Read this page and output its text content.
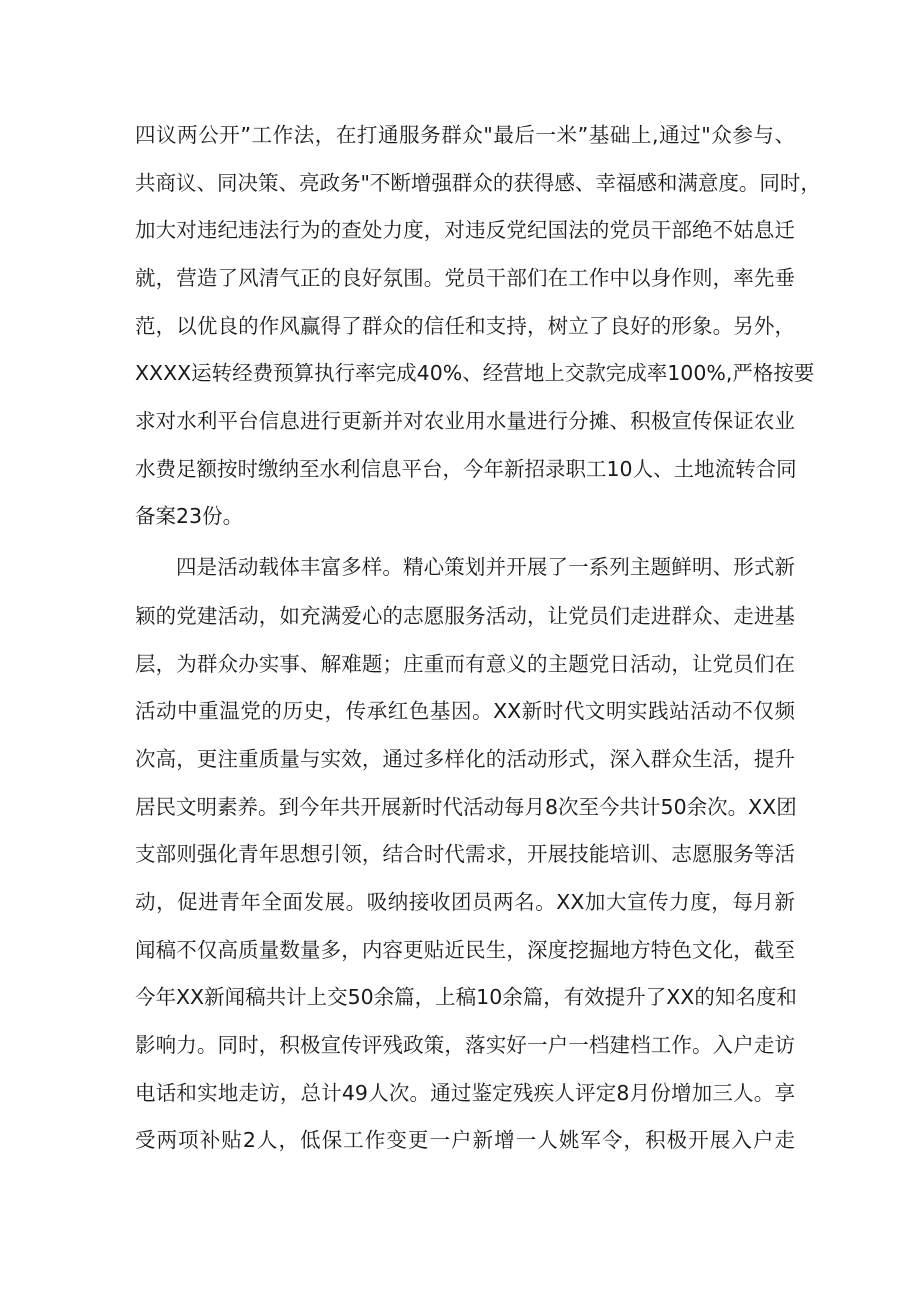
四议两公开”工作法，在打通服务群众"最后一米”基础上,通过"众参与、
共商议、同决策、亮政务"不断增强群众的获得感、幸福感和满意度。同时，
加大对违纪违法行为的查处力度，对违反党纪国法的党员干部绝不姑息迁
就，营造了风清气正的良好氛围。党员干部们在工作中以身作则，率先垂
范，以优良的作风赢得了群众的信任和支持，树立了良好的形象。另外，
XXXX运转经费预算执行率完成40%、经营地上交款完成率100%,严格按要
求对水利平台信息进行更新并对农业用水量进行分摊、积极宣传保证农业
水费足额按时缴纳至水利信息平台，今年新招录职工10人、土地流转合同
备案23份。
四是活动载体丰富多样。精心策划并开展了一系列主题鲜明、形式新
颖的党建活动，如充满爱心的志愿服务活动，让党员们走进群众、走进基
层，为群众办实事、解难题；庄重而有意义的主题党日活动，让党员们在
活动中重温党的历史，传承红色基因。XX新时代文明实践站活动不仅频
次高，更注重质量与实效，通过多样化的活动形式，深入群众生活，提升
居民文明素养。到今年共开展新时代活动每月8次至今共计50余次。XX团
支部则强化青年思想引领，结合时代需求，开展技能培训、志愿服务等活
动，促进青年全面发展。吸纳接收团员两名。XX加大宣传力度，每月新
闻稿不仅高质量数量多，内容更贴近民生，深度挖掘地方特色文化，截至
今年XX新闻稿共计上交50余篇，上稿10余篇，有效提升了XX的知名度和
影响力。同时，积极宣传评残政策，落实好一户一档建档工作。入户走访
电话和实地走访，总计49人次。通过鉴定残疾人评定8月份增加三人。享
受两项补贴2人，低保工作变更一户新增一人姚军令，积极开展入户走
